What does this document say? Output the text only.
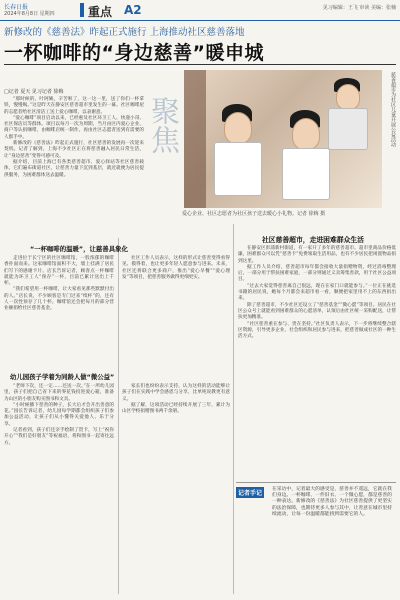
长春日报
2024年8月8日 星期四	重点 A2	见习编辑：王飞 审读 美编：张楠
新修改的《慈善法》昨起正式施行 上海推动社区慈善落地
一杯咖啡的“身边慈善”暖申城
□记者 夏天 见习记者 徐梅

“那时候的，叶阿姨，辛苦啦了，这一这一里，送了你们一杯拿铁，慢慢喝。”这是昨天在静安区慈善超市里发生的一幕。社区咖啡屋的志愿者给社区清洁工送上爱心咖啡，以表谢意。

“爱心咖啡”项目启动以来，已经惠及社区环卫工人、快递小哥、社区保洁员等群体。项目以每月一次为周期，当月由区内爱心企业、商户等认捐咖啡，由咖啡店统一制作，再由社区志愿者送到有需要的人群手中。

新修改的《慈善法》昨起正式施行，社区慈善的发展再一次迎来契机。记者了解到，上海不少社区正在将慈善融入居民日常生活，让“身边慈善”变得可感可及。

据介绍，目前上海已有各类慈善超市、爱心驿站等社区慈善载体，它们遍布街道社区，让慈善力量下沉到基层，就近就便为居民提供服务，为困难群体送去温暖。

聚焦	慈善超市为社区儿童开展公益活动
爱心企业、社区志愿者为社区孩子送去暖心小礼物。记者 徐梅 摄
“一杯咖啡的温暖”，让慈善具象化

走进位于长宁区的社区咖啡馆，一股浓郁的咖啡香扑面而来。这家咖啡馆面积不大，墙上挂满了居民们写下的感谢卡片。店长告诉记者，顾客点一杯咖啡就能为环卫工人“预存”一杯，目前已累计送出上千杯。

“我们希望用一杯咖啡，让大家看见那些默默付出的人。”店长说，不少顾客是专门过来“续杯”的，还有人一次性预存了几十杯。咖啡馆还会把每月的部分营业额捐给社区慈善基金。

社区工作人员表示，这样的形式让慈善变得看得见、摸得着，也让更多年轻人愿意参与进来。未来，社区还将联合更多商户，推出“爱心早餐”“爱心理发”等项目，把慈善服务做得更细更实。

幼儿园孩子学着为同龄人做“微公益”

“老师下次，还一定……还送一次。”在一所幼儿园里，孩子们把自己省下来的零花钱投进爱心箱，准备为山区的小朋友购买图书和文具。

“小时候播下慈善的种子，长大后才会开出善意的花。”园长告诉记者，幼儿园每学期都会组织孩子们参加公益活动，让孩子们从小懂得关爱他人、乐于分享。

记者看到，孩子们还亲手绘制了贺卡，写上“祝你开心”“我们是好朋友”等祝福语，将和图书一起寄往远方。

家长们也纷纷表示支持，认为这样的活动能够让孩子们在实践中学会感恩与分享，比单纯说教更有意义。

据了解，这项活动已经持续开展了三年，累计为山区学校捐赠图书两千余册。

社区慈善超市，走进困难群众生活

在静安区彭浦新村街道，有一家开了多年的慈善超市。超市里商品价格低廉，困难群众可以凭“慈善卡”免费领取生活用品，也有不少居民把闲置物品捐到这里。

据工作人员介绍，慈善超市每年都会接收大量捐赠物资，经过消毒整理后，一部分用于帮扶困难家庭，一部分则通过义卖筹集善款，用于社区公益项目。

“过去大家觉得慈善离自己很远，现在在家门口就能参与。”一位正在挑选书籍的居民说，她每个月都会来超市看一看，顺便把家里用不上的东西捐出来。

除了慈善超市，不少社区还设立了“慈善基金”“微心愿”等项目。居民在社区公众号上就能看到困难群众的心愿清单，认领后由社区统一采购配送，让帮扶更加精准。

“社区慈善重在参与、贵在坚持。”社区负责人表示，下一步将继续整合辖区资源，引导更多企业、社会组织和居民参与进来，把慈善做成社区的一种生活方式。

记者手记
在采访中，记者最大的感受是，慈善并不遥远，它就在我们身边。一杯咖啡、一件旧衣、一个微心愿，都是慈善的一种表达。新修改的《慈善法》为社区慈善提供了更坚实的法治保障，也期待更多人参与其中，让善意在城市里持续流动，让每一份温暖都能找到需要它的人。
